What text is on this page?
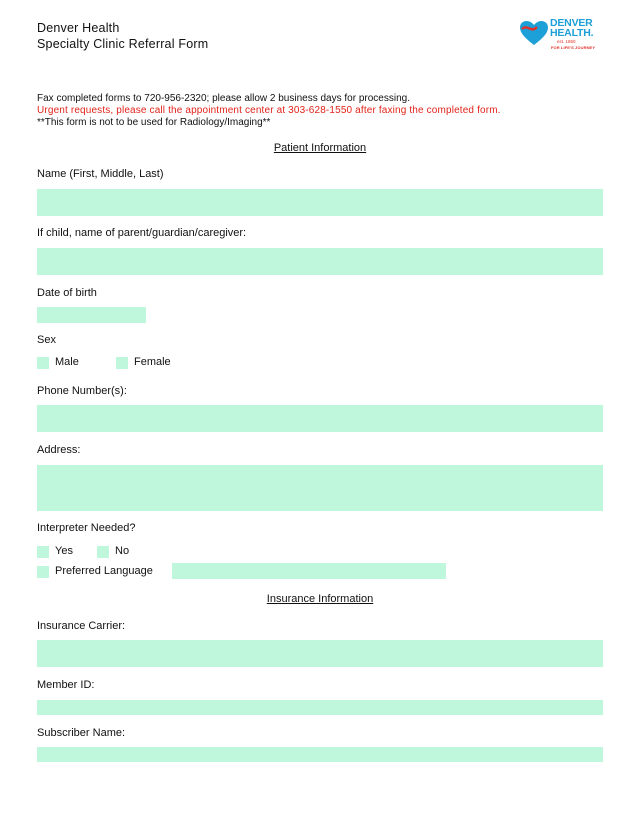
Denver Health
Specialty Clinic Referral Form
DENVER
HEALTH.
est. 1860
FOR LIFE'S JOURNEY
Fax completed forms to 720-956-2320; please allow 2 business days for processing.
Urgent requests, please call the appointment center at 303-628-1550 after faxing the completed form.
**This form is not to be used for Radiology/Imaging**
Patient Information
Name (First, Middle, Last)
If child, name of parent/guardian/caregiver:
Date of birth
Sex
Male	Female
Phone Number(s):
Address:
Interpreter Needed?
Yes	No
Preferred Language
Insurance Information
Insurance Carrier:
Member ID:
Subscriber Name:
